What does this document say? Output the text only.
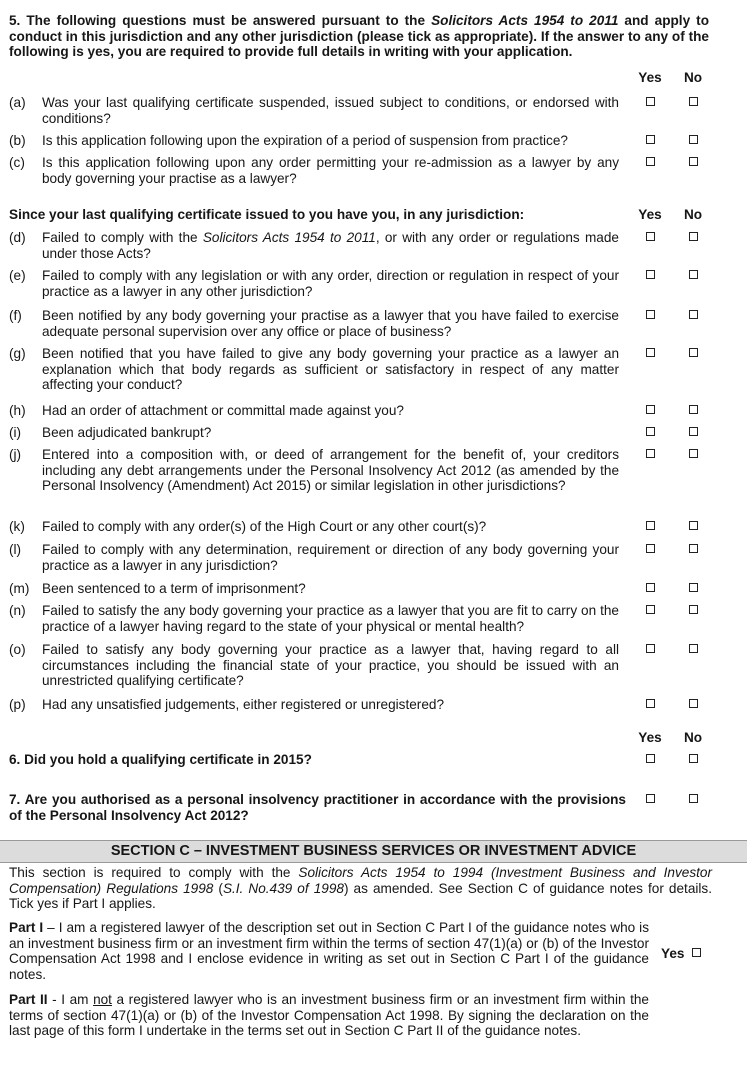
5. The following questions must be answered pursuant to the Solicitors Acts 1954 to 2011 and apply to conduct in this jurisdiction and any other jurisdiction (please tick as appropriate). If the answer to any of the following is yes, you are required to provide full details in writing with your application.
Yes	No
(a)	Was your last qualifying certificate suspended, issued subject to conditions, or endorsed with conditions?
(b)	Is this application following upon the expiration of a period of suspension from practice?
(c)	Is this application following upon any order permitting your re-admission as a lawyer by any body governing your practise as a lawyer?
Since your last qualifying certificate issued to you have you, in any jurisdiction:	Yes	No
(d)	Failed to comply with the Solicitors Acts 1954 to 2011, or with any order or regulations made under those Acts?
(e)	Failed to comply with any legislation or with any order, direction or regulation in respect of your practice as a lawyer in any other jurisdiction?
(f)	Been notified by any body governing your practise as a lawyer that you have failed to exercise adequate personal supervision over any office or place of business?
(g)	Been notified that you have failed to give any body governing your practice as a lawyer an explanation which that body regards as sufficient or satisfactory in respect of any matter affecting your conduct?
(h)	Had an order of attachment or committal made against you?
(i)	Been adjudicated bankrupt?
(j)	Entered into a composition with, or deed of arrangement for the benefit of, your creditors including any debt arrangements under the Personal Insolvency Act 2012 (as amended by the Personal Insolvency (Amendment) Act 2015) or similar legislation in other jurisdictions?
(k)	Failed to comply with any order(s) of the High Court or any other court(s)?
(l)	Failed to comply with any determination, requirement or direction of any body governing your practice as a lawyer in any jurisdiction?
(m) Been sentenced to a term of imprisonment?
(n)	Failed to satisfy the any body governing your practice as a lawyer that you are fit to carry on the practice of a lawyer having regard to the state of your physical or mental health?
(o)	Failed to satisfy any body governing your practice as a lawyer that, having regard to all circumstances including the financial state of your practice, you should be issued with an unrestricted qualifying certificate?
(p)	Had any unsatisfied judgements, either registered or unregistered?
Yes	No
6. Did you hold a qualifying certificate in 2015?
7. Are you authorised as a personal insolvency practitioner in accordance with the provisions of the Personal Insolvency Act 2012?
SECTION C – INVESTMENT BUSINESS SERVICES OR INVESTMENT ADVICE
This section is required to comply with the Solicitors Acts 1954 to 1994 (Investment Business and Investor Compensation) Regulations 1998 (S.I. No.439 of 1998) as amended. See Section C of guidance notes for details. Tick yes if Part I applies.
Part I – I am a registered lawyer of the description set out in Section C Part I of the guidance notes who is an investment business firm or an investment firm within the terms of section 47(1)(a) or (b) of the Investor Compensation Act 1998 and I enclose evidence in writing as set out in Section C Part I of the guidance notes.
Yes
Part II - I am not a registered lawyer who is an investment business firm or an investment firm within the terms of section 47(1)(a) or (b) of the Investor Compensation Act 1998. By signing the declaration on the last page of this form I undertake in the terms set out in Section C Part II of the guidance notes.
